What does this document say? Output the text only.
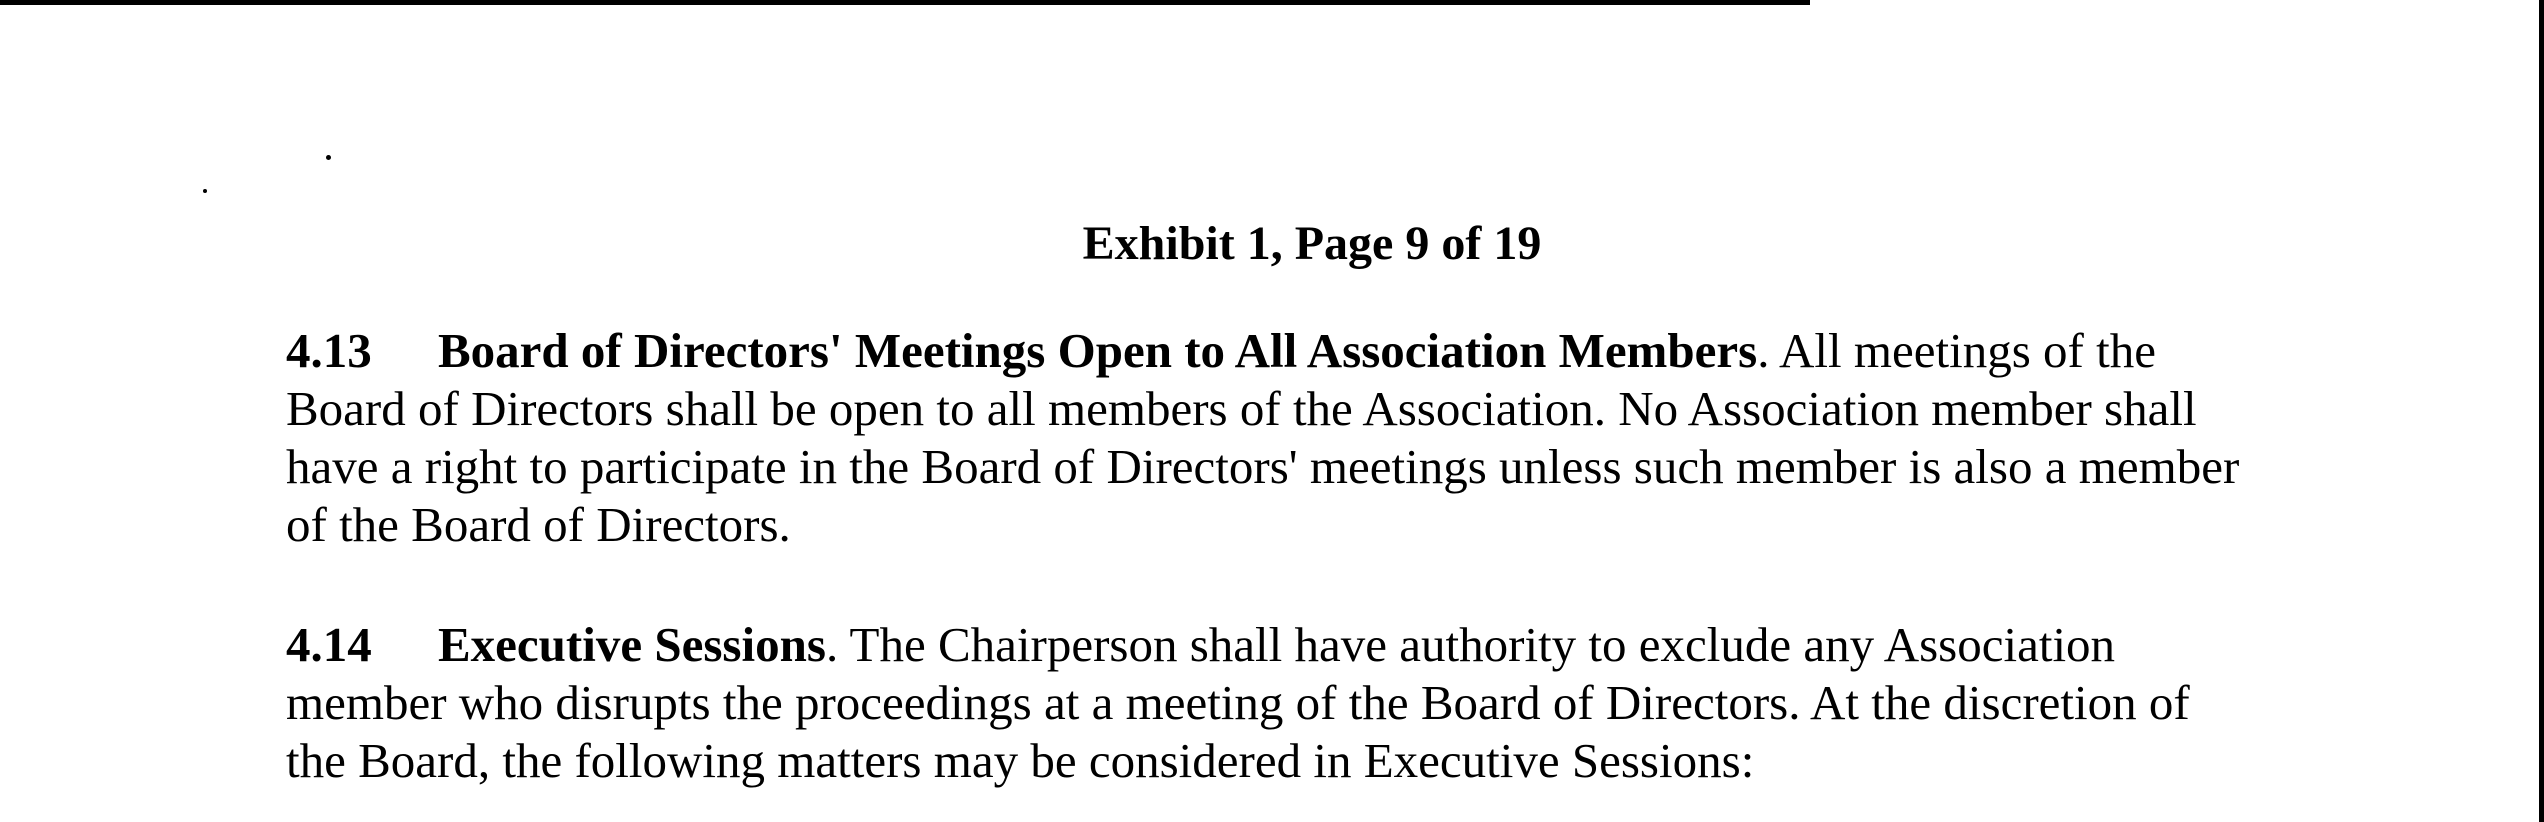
Exhibit 1, Page 9 of 19

4.13 Board of Directors' Meetings Open to All Association Members. All meetings of the Board of Directors shall be open to all members of the Association. No Association member shall have a right to participate in the Board of Directors' meetings unless such member is also a member of the Board of Directors.

4.14 Executive Sessions. The Chairperson shall have authority to exclude any Association member who disrupts the proceedings at a meeting of the Board of Directors. At the discretion of the Board, the following matters may be considered in Executive Sessions:
